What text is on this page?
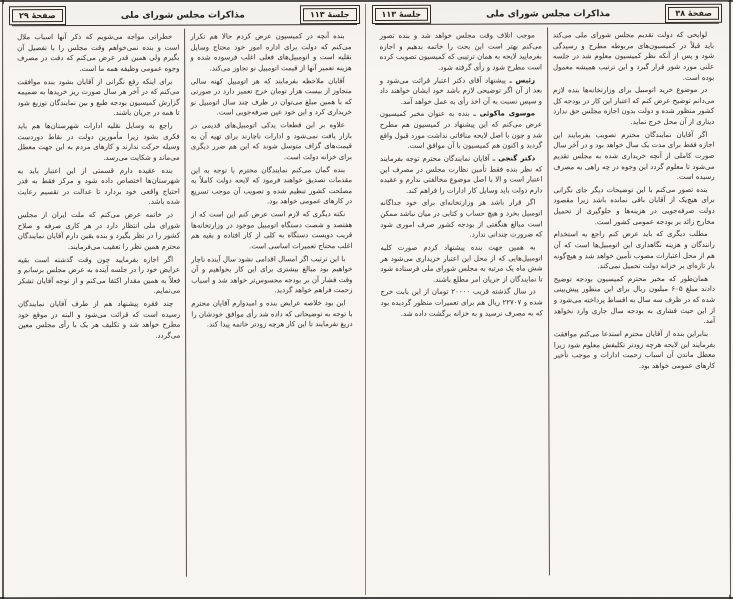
صفحۀ ۲۹	مذاکرات مجلس شورای ملی	جلسۀ ۱۱۳

بنده آنچه در کمیسیون عرض کردم حالا هم تکرار می‌کنم که دولت برای اداره امور خود محتاج وسایل نقلیه است و اتومبیل‌های فعلی اغلب فرسوده شده و هزینه تعمیر آنها از قیمت اتومبیل نو تجاوز می‌کند.

آقایان ملاحظه بفرمایند که هر اتومبیل کهنه سالی متجاوز از بیست هزار تومان خرج تعمیر دارد در صورتی که با همین مبلغ می‌توان در ظرف چند سال اتومبیل نو خریداری کرد و این خود عین صرفه‌جویی است.

علاوه بر این قطعات یدکی اتومبیل‌های قدیمی در بازار یافت نمی‌شود و ادارات ناچارند برای تهیه آن به قیمت‌های گزاف متوسل شوند که این هم ضرر دیگری برای خزانه دولت است.

بنده گمان می‌کنم نمایندگان محترم با توجه به این مقدمات تصدیق خواهند فرمود که لایحه دولت کاملاً به مصلحت کشور تنظیم شده و تصویب آن موجب تسریع در کارهای عمومی خواهد بود.

نکته دیگری که لازم است عرض کنم این است که از هفتصد و شصت دستگاه اتومبیل موجود در وزارتخانه‌ها قریب دویست دستگاه به کلی از کار افتاده و بقیه هم اغلب محتاج تعمیرات اساسی است.

با این ترتیب اگر امسال اقدامی نشود سال آینده ناچار خواهیم بود مبالغ بیشتری برای این کار بخواهیم و آن وقت فشار آن بر بودجه محسوس‌تر خواهد شد و اسباب زحمت فراهم خواهد گردید.

این بود خلاصه عرایض بنده و امیدوارم آقایان محترم با توجه به توضیحاتی که داده شد رأی موافق خودشان را دریغ نفرمایند تا این کار هرچه زودتر خاتمه پیدا کند.

خطراتی مواجه می‌شویم که ذکر آنها اسباب ملال است و بنده نمی‌خواهم وقت مجلس را با تفصیل آن بگیرم ولی همین قدر عرض می‌کنم که دقت در مصرف وجوه عمومی وظیفه همه ما است.

برای اینکه رفع نگرانی از آقایان بشود بنده موافقت می‌کنم که در آخر هر سال صورت ریز خریدها به ضمیمه گزارش کمیسیون بودجه طبع و بین نمایندگان توزیع شود تا همه در جریان باشند.

راجع به وسایل نقلیه ادارات شهرستان‌ها هم باید فکری بشود زیرا مأمورین دولت در نقاط دوردست وسیله حرکت ندارند و کارهای مردم به این جهت معطل می‌ماند و شکایت می‌رسد.

بنده عقیده دارم قسمتی از این اعتبار باید به شهرستان‌ها اختصاص داده شود و مرکز فقط به قدر احتیاج واقعی خود بردارد تا عدالت در تقسیم رعایت شده باشد.

در خاتمه عرض می‌کنم که ملت ایران از مجلس شورای ملی انتظار دارد در هر کاری صرفه و صلاح کشور را در نظر بگیرد و بنده یقین دارم آقایان نمایندگان محترم همین نظر را تعقیب می‌فرمایند.

اگر اجازه بفرمایید چون وقت گذشته است بقیه عرایض خود را در جلسه آینده به عرض مجلس برسانم و فعلاً به همین مقدار اکتفا می‌کنم و از توجه آقایان تشکر می‌نمایم.

چند فقره پیشنهاد هم از طرف آقایان نمایندگان رسیده است که قرائت می‌شود و البته در موقع خود مطرح خواهد شد و تکلیف هر یک با رأی مجلس معین می‌گردد.

جلسۀ ۱۱۳	مذاکرات مجلس شورای ملی	صفحۀ ۳۸

لوایحی که دولت تقدیم مجلس شورای ملی می‌کند باید قبلاً در کمیسیون‌های مربوطه مطرح و رسیدگی شود و پس از آنکه نظر کمیسیون معلوم شد در جلسه علنی مورد شور قرار گیرد و این ترتیب همیشه معمول بوده است.

در موضوع خرید اتومبیل برای وزارتخانه‌ها بنده لازم می‌دانم توضیح عرض کنم که اعتبار این کار در بودجه کل کشور منظور شده و دولت بدون اجازه مجلس حق ندارد دیناری از آن محل خرج نماید.

اگر آقایان نمایندگان محترم تصویب بفرمایند این اجازه فقط برای مدت یک سال خواهد بود و در آخر سال صورت کاملی از آنچه خریداری شده به مجلس تقدیم می‌شود تا معلوم گردد این وجوه در چه راهی به مصرف رسیده است.

بنده تصور می‌کنم با این توضیحات دیگر جای نگرانی برای هیچ‌یک از آقایان باقی نمانده باشد زیرا مقصود دولت صرفه‌جویی در هزینه‌ها و جلوگیری از تحمیل مخارج زائد بر بودجه عمومی کشور است.

مطلب دیگری که باید عرض کنم راجع به استخدام رانندگان و هزینه نگاهداری این اتومبیل‌ها است که آن هم از محل اعتبارات مصوب تأمین خواهد شد و هیچ‌گونه بار تازه‌ای بر خزانه دولت تحمیل نمی‌کند.

همان‌طور که مخبر محترم کمیسیون بودجه توضیح دادند مبلغ ۶۰۵ میلیون ریال برای این منظور پیش‌بینی شده که در ظرف سه سال به اقساط پرداخته می‌شود و از این حیث فشاری به بودجه سال جاری وارد نخواهد آمد.

بنابراین بنده از آقایان محترم استدعا می‌کنم موافقت بفرمایند این لایحه هرچه زودتر تکلیفش معلوم شود زیرا معطل ماندن آن اسباب زحمت ادارات و موجب تأخیر کارهای عمومی خواهد بود.

موجب اتلاف وقت مجلس خواهد شد و بنده تصور می‌کنم بهتر است این بحث را خاتمه بدهیم و اجازه بفرمایید لایحه به همان ترتیبی که کمیسیون تصویب کرده است مطرح شود و رأی گرفته شود.

رئیس ـ پیشنهاد آقای دکتر اعتبار قرائت می‌شود و بعد از آن اگر توضیحی لازم باشد خود ایشان خواهند داد و سپس نسبت به آن اخذ رأی به عمل خواهد آمد.

موسوی ماکوئی ـ بنده به عنوان مخبر کمیسیون عرض می‌کنم که این پیشنهاد در کمیسیون هم مطرح شد و چون با اصل لایحه منافاتی نداشت مورد قبول واقع گردید و اکنون هم کمیسیون با آن موافق است.

دکتر گنجی ـ آقایان نمایندگان محترم توجه بفرمایند که نظر بنده فقط تأمین نظارت مجلس در مصرف این اعتبار است و الا با اصل موضوع مخالفتی ندارم و عقیده دارم دولت باید وسایل کار ادارات را فراهم کند.

اگر قرار باشد هر وزارتخانه‌ای برای خود جداگانه اتومبیل بخرد و هیچ حساب و کتابی در میان نباشد ممکن است مبالغ هنگفتی از بودجه کشور صرف اموری شود که ضرورت چندانی ندارد.

به همین جهت بنده پیشنهاد کردم صورت کلیه اتومبیل‌هایی که از محل این اعتبار خریداری می‌شود هر شش ماه یک مرتبه به مجلس شورای ملی فرستاده شود تا نمایندگان از جریان امر مطلع باشند.

در سال گذشته قریب ۲۰۰۰۰ تومان از این بابت خرج شده و ۲۲۷۰۷ ریال هم برای تعمیرات منظور گردیده بود که به مصرف نرسید و به خزانه برگشت داده شد.
